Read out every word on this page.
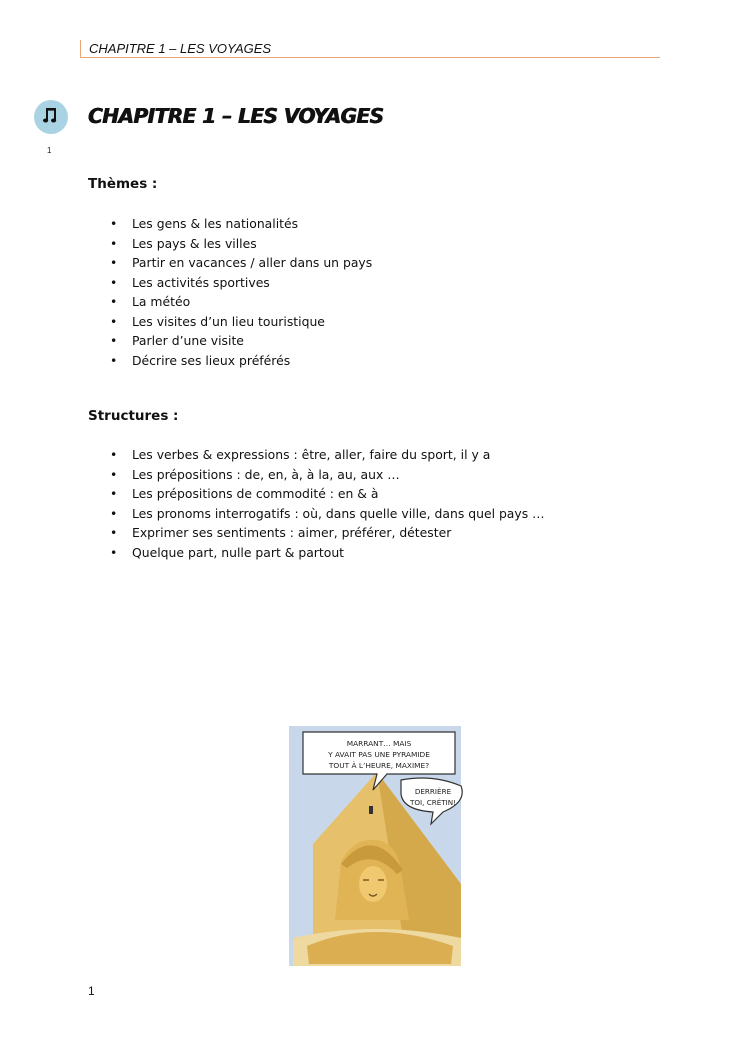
CHAPITRE 1 – LES VOYAGES
1
CHAPITRE 1 – LES VOYAGES
Thèmes :
• Les gens & les nationalités
• Les pays & les villes
• Partir en vacances / aller dans un pays
• Les activités sportives
• La météo
• Les visites d’un lieu touristique
• Parler d’une visite
• Décrire ses lieux préférés
Structures :
• Les verbes & expressions : être, aller, faire du sport, il y a
• Les prépositions : de, en, à, à la, au, aux …
• Les prépositions de commodité : en & à
• Les pronoms interrogatifs : où, dans quelle ville, dans quel pays …
• Exprimer ses sentiments : aimer, préférer, détester
• Quelque part, nulle part & partout
MARRANT… MAIS
Y AVAIT PAS UNE PYRAMIDE
TOUT À L’HEURE, MAXIME?
DERRIÈRE
TOI, CRÉTIN!
1
